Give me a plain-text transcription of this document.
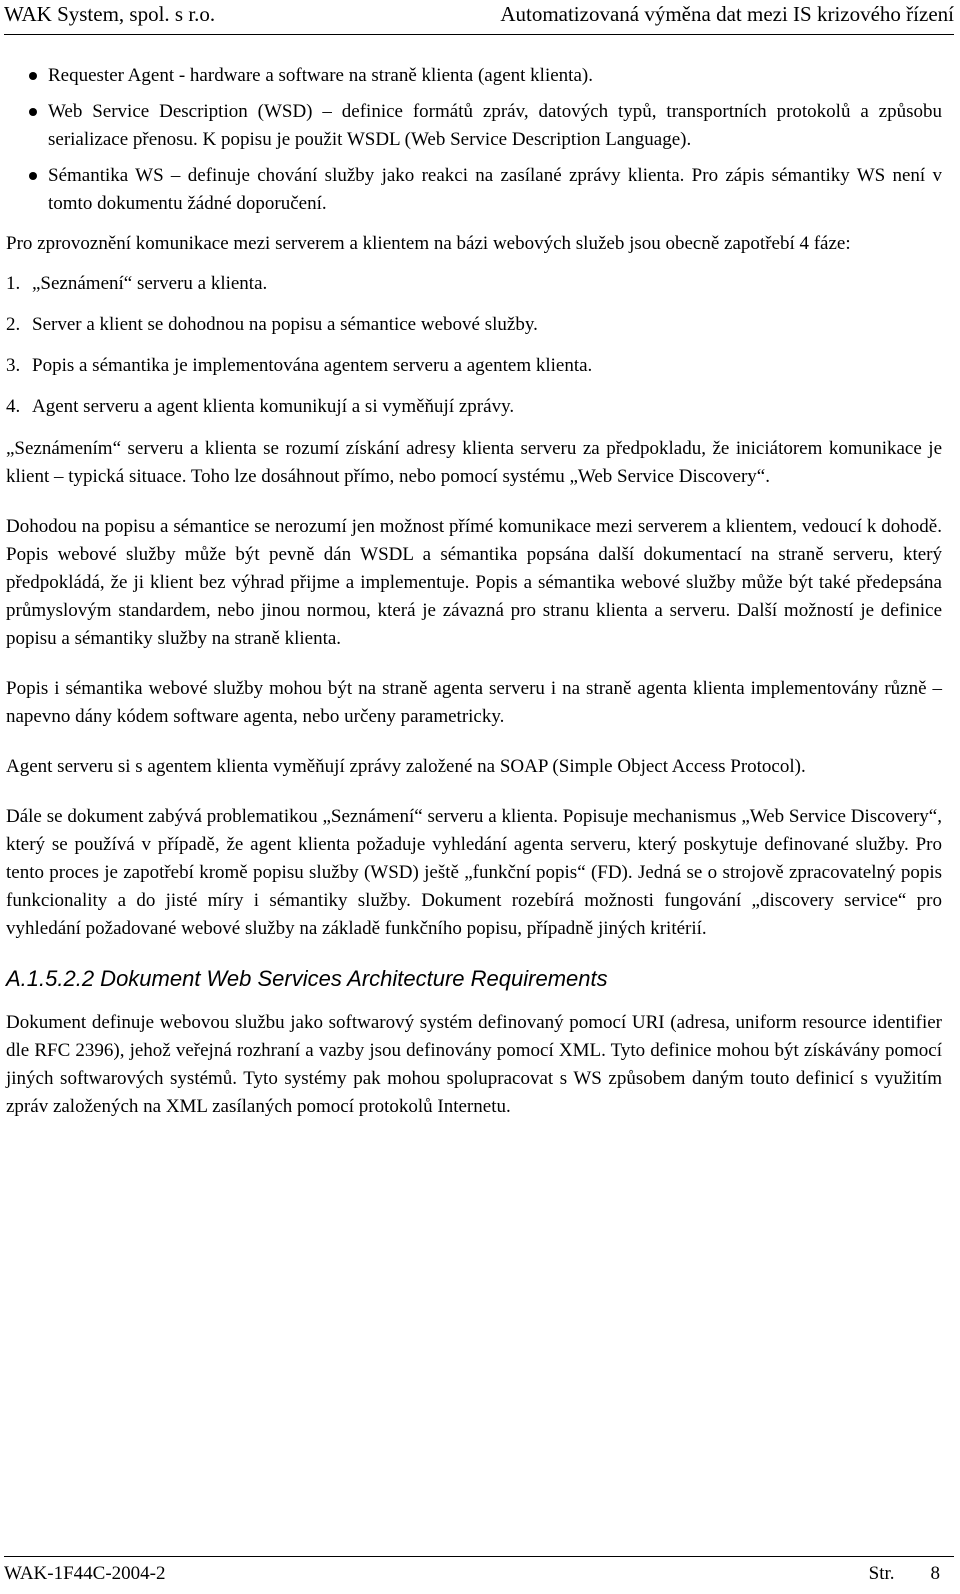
WAK System, spol. s r.o.	Automatizovaná výměna dat mezi IS krizového řízení
Requester Agent - hardware a software na straně klienta (agent klienta).
Web Service Description (WSD) – definice formátů zpráv, datových typů, transportních protokolů a způsobu serializace přenosu. K popisu je použit WSDL (Web Service Description Language).
Sémantika WS – definuje chování služby jako reakci na zasílané zprávy klienta. Pro zápis sémantiky WS není v tomto dokumentu žádné doporučení.

Pro zprovoznění komunikace mezi serverem a klientem na bázi webových služeb jsou obecně zapotřebí 4 fáze:

1. „Seznámení“ serveru a klienta.
2. Server a klient se dohodnou na popisu a sémantice webové služby.
3. Popis a sémantika je implementována agentem serveru a agentem klienta.
4. Agent serveru a agent klienta komunikují a si vyměňují zprávy.

„Seznámením“ serveru a klienta se rozumí získání adresy klienta serveru za předpokladu, že iniciátorem komunikace je klient – typická situace. Toho lze dosáhnout přímo, nebo pomocí systému „Web Service Discovery“.

Dohodou na popisu a sémantice se nerozumí jen možnost přímé komunikace mezi serverem a klientem, vedoucí k dohodě. Popis webové služby může být pevně dán WSDL a sémantika popsána další dokumentací na straně serveru, který předpokládá, že ji klient bez výhrad přijme a implementuje. Popis a sémantika webové služby může být také předepsána průmyslovým standardem, nebo jinou normou, která je závazná pro stranu klienta a serveru. Další možností je definice popisu a sémantiky služby na straně klienta.

Popis i sémantika webové služby mohou být na straně agenta serveru i na straně agenta klienta implementovány různě – napevno dány kódem software agenta, nebo určeny parametricky.

Agent serveru si s agentem klienta vyměňují zprávy založené na SOAP (Simple Object Access Protocol).

Dále se dokument zabývá problematikou „Seznámení“ serveru a klienta. Popisuje mechanismus „Web Service Discovery“, který se používá v případě, že agent klienta požaduje vyhledání agenta serveru, který poskytuje definované služby. Pro tento proces je zapotřebí kromě popisu služby (WSD) ještě „funkční popis“ (FD). Jedná se o strojově zpracovatelný popis funkcionality a do jisté míry i sémantiky služby. Dokument rozebírá možnosti fungování „discovery service“ pro vyhledání požadované webové služby na základě funkčního popisu, případně jiných kritérií.

A.1.5.2.2 Dokument Web Services Architecture Requirements

Dokument definuje webovou službu jako softwarový systém definovaný pomocí URI (adresa, uniform resource identifier dle RFC 2396), jehož veřejná rozhraní a vazby jsou definovány pomocí XML. Tyto definice mohou být získávány pomocí jiných softwarových systémů. Tyto systémy pak mohou spolupracovat s WS způsobem daným touto definicí s využitím zpráv založených na XML zasílaných pomocí protokolů Internetu.

WAK-1F44C-2004-2	Str. 8
